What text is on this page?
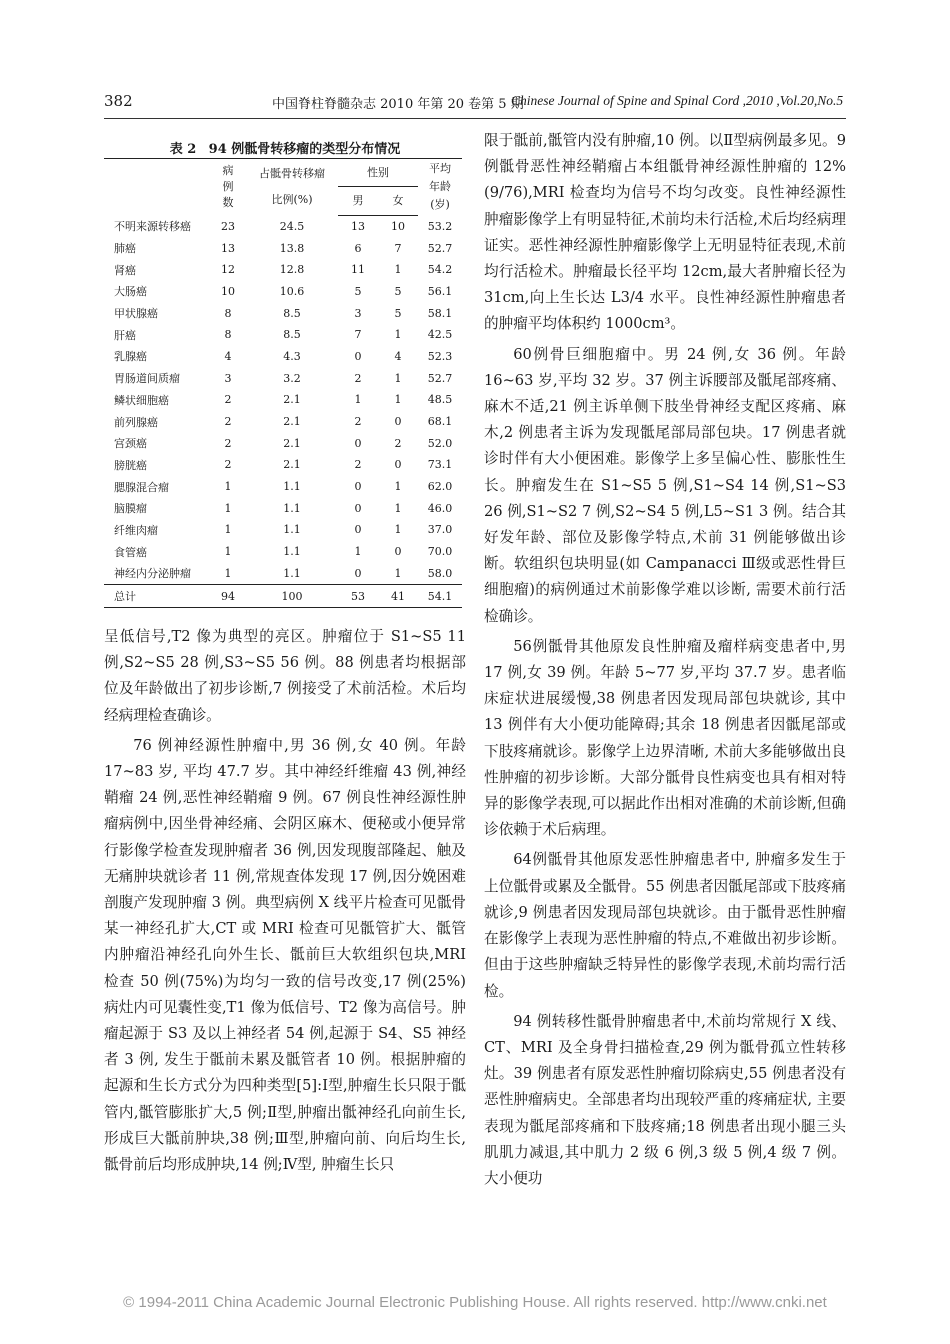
382	中国脊柱脊髓杂志 2010 年第 20 卷第 5 期
Chinese Journal of Spine and Spinal Cord ,2010 ,Vol.20,No.5
表 2 94 例骶骨转移瘤的类型分布情况

	病例数	占骶骨转移瘤比例(%)	性别		平均年龄(岁)

			男	女	
不明来源转移癌	23	24.5	13	10	53.2
肺癌	13	13.8	6	7	52.7
肾癌	12	12.8	11	1	54.2
大肠癌	10	10.6	5	5	56.1
甲状腺癌	8	8.5	3	5	58.1
肝癌	8	8.5	7	1	42.5
乳腺癌	4	4.3	0	4	52.3
胃肠道间质瘤	3	3.2	2	1	52.7
鳞状细胞癌	2	2.1	1	1	48.5
前列腺癌	2	2.1	2	0	68.1
宫颈癌	2	2.1	0	2	52.0
膀胱癌	2	2.1	2	0	73.1
腮腺混合瘤	1	1.1	0	1	62.0
脑膜瘤	1	1.1	0	1	46.0
纤维肉瘤	1	1.1	0	1	37.0
食管癌	1	1.1	1	0	70.0
神经内分泌肿瘤	1	1.1	0	1	58.0
总计	94	100	53	41	54.1

呈低信号,T2 像为典型的亮区。肿瘤位于 S1~S5 11 例,S2~S5 28 例,S3~S5 56 例。88 例患者均根据部位及年龄做出了初步诊断,7 例接受了术前活检。术后均经病理检查确诊。

76 例神经源性肿瘤中,男 36 例,女 40 例。年龄 17~83 岁, 平均 47.7 岁。其中神经纤维瘤 43 例,神经鞘瘤 24 例,恶性神经鞘瘤 9 例。67 例良性神经源性肿瘤病例中,因坐骨神经痛、会阴区麻木、便秘或小便异常行影像学检查发现肿瘤者 36 例,因发现腹部隆起、触及无痛肿块就诊者 11 例,常规查体发现 17 例,因分娩困难剖腹产发现肿瘤 3 例。典型病例 X 线平片检查可见骶骨某一神经孔扩大,CT 或 MRI 检查可见骶管扩大、骶管内肿瘤沿神经孔向外生长、骶前巨大软组织包块,MRI 检查 50 例(75%)为均匀一致的信号改变,17 例(25%) 病灶内可见囊性变,T1 像为低信号、T2 像为高信号。肿瘤起源于 S3 及以上神经者 54 例,起源于 S4、S5 神经者 3 例, 发生于骶前未累及骶管者 10 例。根据肿瘤的起源和生长方式分为四种类型[5]:Ⅰ型,肿瘤生长只限于骶管内,骶管膨胀扩大,5 例;Ⅱ型,肿瘤出骶神经孔向前生长,形成巨大骶前肿块,38 例;Ⅲ型,肿瘤向前、向后均生长,骶骨前后均形成肿块,14 例;Ⅳ型, 肿瘤生长只

限于骶前,骶管内没有肿瘤,10 例。以Ⅱ型病例最多见。9 例骶骨恶性神经鞘瘤占本组骶骨神经源性肿瘤的 12%(9/76),MRI 检查均为信号不均匀改变。良性神经源性肿瘤影像学上有明显特征,术前均未行活检,术后均经病理证实。恶性神经源性肿瘤影像学上无明显特征表现,术前均行活检术。肿瘤最长径平均 12cm,最大者肿瘤长径为 31cm,向上生长达 L3/4 水平。良性神经源性肿瘤患者的肿瘤平均体积约 1000cm³。

60例骨巨细胞瘤中。男 24 例,女 36 例。年龄 16~63 岁,平均 32 岁。37 例主诉腰部及骶尾部疼痛、麻木不适,21 例主诉单侧下肢坐骨神经支配区疼痛、麻木,2 例患者主诉为发现骶尾部局部包块。17 例患者就诊时伴有大小便困难。影像学上多呈偏心性、膨胀性生长。肿瘤发生在 S1~S5 5 例,S1~S4 14 例,S1~S3 26 例,S1~S2 7 例,S2~S4 5 例,L5~S1 3 例。结合其好发年龄、部位及影像学特点,术前 31 例能够做出诊断。软组织包块明显(如 Campanacci Ⅲ级或恶性骨巨细胞瘤)的病例通过术前影像学难以诊断, 需要术前行活检确诊。

56例骶骨其他原发良性肿瘤及瘤样病变患者中,男 17 例,女 39 例。年龄 5~77 岁,平均 37.7 岁。患者临床症状进展缓慢,38 例患者因发现局部包块就诊, 其中 13 例伴有大小便功能障碍;其余 18 例患者因骶尾部或下肢疼痛就诊。影像学上边界清晰, 术前大多能够做出良性肿瘤的初步诊断。大部分骶骨良性病变也具有相对特异的影像学表现,可以据此作出相对准确的术前诊断,但确诊依赖于术后病理。

64例骶骨其他原发恶性肿瘤患者中, 肿瘤多发生于上位骶骨或累及全骶骨。55 例患者因骶尾部或下肢疼痛就诊,9 例患者因发现局部包块就诊。由于骶骨恶性肿瘤在影像学上表现为恶性肿瘤的特点,不难做出初步诊断。但由于这些肿瘤缺乏特异性的影像学表现,术前均需行活检。

94 例转移性骶骨肿瘤患者中,术前均常规行 X 线、CT、MRI 及全身骨扫描检查,29 例为骶骨孤立性转移灶。39 例患者有原发恶性肿瘤切除病史,55 例患者没有恶性肿瘤病史。全部患者均出现较严重的疼痛症状, 主要表现为骶尾部疼痛和下肢疼痛;18 例患者出现小腿三头肌肌力减退,其中肌力 2 级 6 例,3 级 5 例,4 级 7 例。大小便功

© 1994-2011 China Academic Journal Electronic Publishing House. All rights reserved. http://www.cnki.net
